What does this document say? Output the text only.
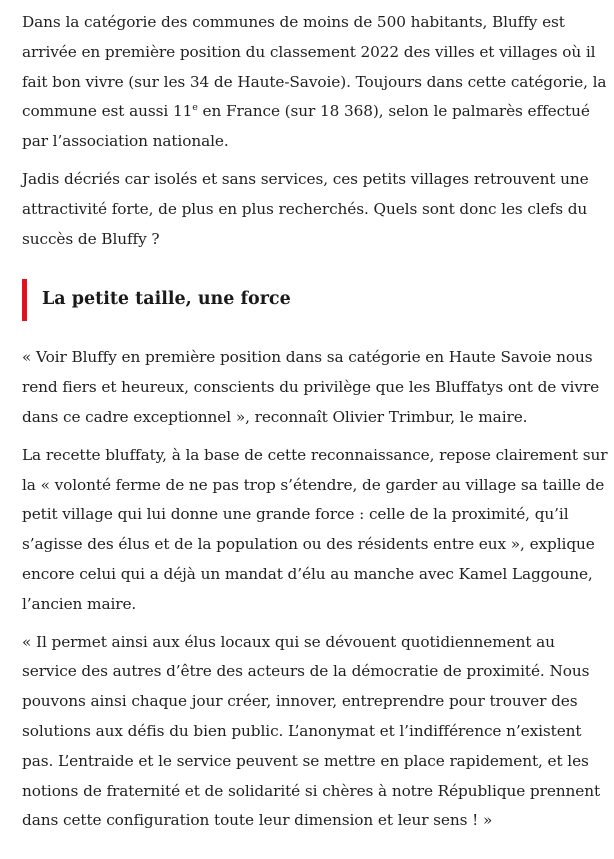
Dans la catégorie des communes de moins de 500 habitants, Bluffy est arrivée en première position du classement 2022 des villes et villages où il fait bon vivre (sur les 34 de Haute-Savoie). Toujours dans cette catégorie, la commune est aussi 11e en France (sur 18 368), selon le palmarès effectué par l’association nationale.

Jadis décriés car isolés et sans services, ces petits villages retrouvent une attractivité forte, de plus en plus recherchés. Quels sont donc les clefs du succès de Bluffy ?

La petite taille, une force

« Voir Bluffy en première position dans sa catégorie en Haute Savoie nous rend fiers et heureux, conscients du privilège que les Bluffatys ont de vivre dans ce cadre exceptionnel », reconnaît Olivier Trimbur, le maire.

La recette bluffaty, à la base de cette reconnaissance, repose clairement sur la « volonté ferme de ne pas trop s’étendre, de garder au village sa taille de petit village qui lui donne une grande force : celle de la proximité, qu’il s’agisse des élus et de la population ou des résidents entre eux », explique encore celui qui a déjà un mandat d’élu au manche avec Kamel Laggoune, l’ancien maire.

« Il permet ainsi aux élus locaux qui se dévouent quotidiennement au service des autres d’être des acteurs de la démocratie de proximité. Nous pouvons ainsi chaque jour créer, innover, entreprendre pour trouver des solutions aux défis du bien public. L’anonymat et l’indifférence n’existent pas. L’entraide et le service peuvent se mettre en place rapidement, et les notions de fraternité et de solidarité si chères à notre République prennent dans cette configuration toute leur dimension et leur sens ! »
